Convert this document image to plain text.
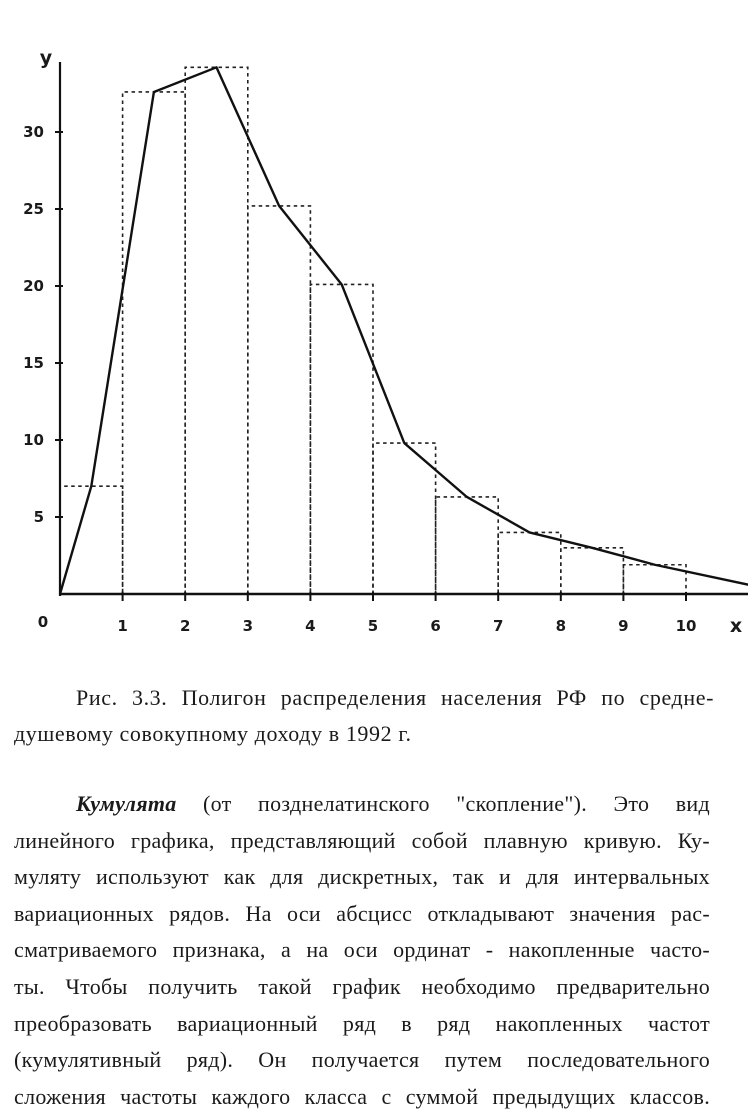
5
10
15
20
25
30
1	2	3	4	5	6	7	8	9	10
0
y
x

Рис. 3.3. Полигон распределения населения РФ по средне-
душевому совокупному доходу в 1992 г.

Кумулята (от позднелатинского "скопление"). Это вид
линейного графика, представляющий собой плавную кривую. Ку-
муляту используют как для дискретных, так и для интервальных
вариационных рядов. На оси абсцисс откладывают значения рас-
сматриваемого признака, а на оси ординат - накопленные часто-
ты. Чтобы получить такой график необходимо предварительно
преобразовать вариационный ряд в ряд накопленных частот
(кумулятивный ряд). Он получается путем последовательного
сложения частоты каждого класса с суммой предыдущих классов.
